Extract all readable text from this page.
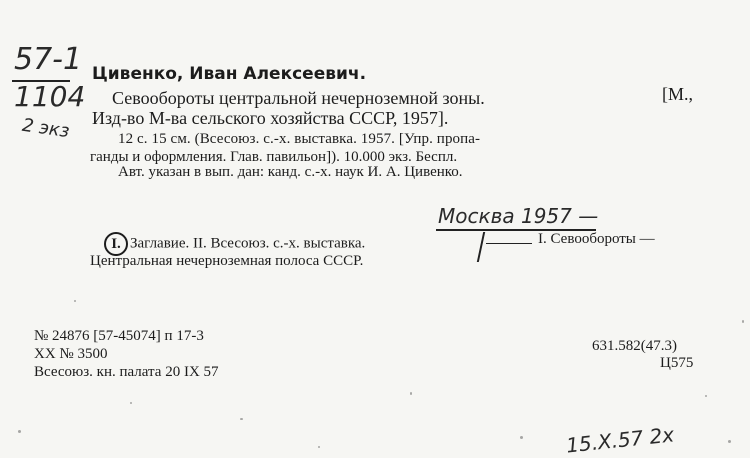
57-1
1104
2 экз
Цивенко, Иван Алексеевич.
Севообороты центральной нечерноземной зоны.	[М.,
Изд-во М-ва сельского хозяйства СССР, 1957].
12 с. 15 см. (Всесоюз. с.-х. выставка. 1957. [Упр. пропа-
ганды и оформления. Глав. павильон]). 10.000 экз. Беспл.
Авт. указан в вып. дан: канд. с.-х. наук И. А. Цивенко.
Москва 1957 —
I. Заглавие. II. Всесоюз. с.-х. выставка.	I. Севообороты —
Центральная нечерноземная полоса СССР.
№ 24876 [57-45074] п 17-3
XX № 3500
Всесоюз. кн. палата 20 IX 57
631.582(47.3)
Ц575
15.X.57 2х
